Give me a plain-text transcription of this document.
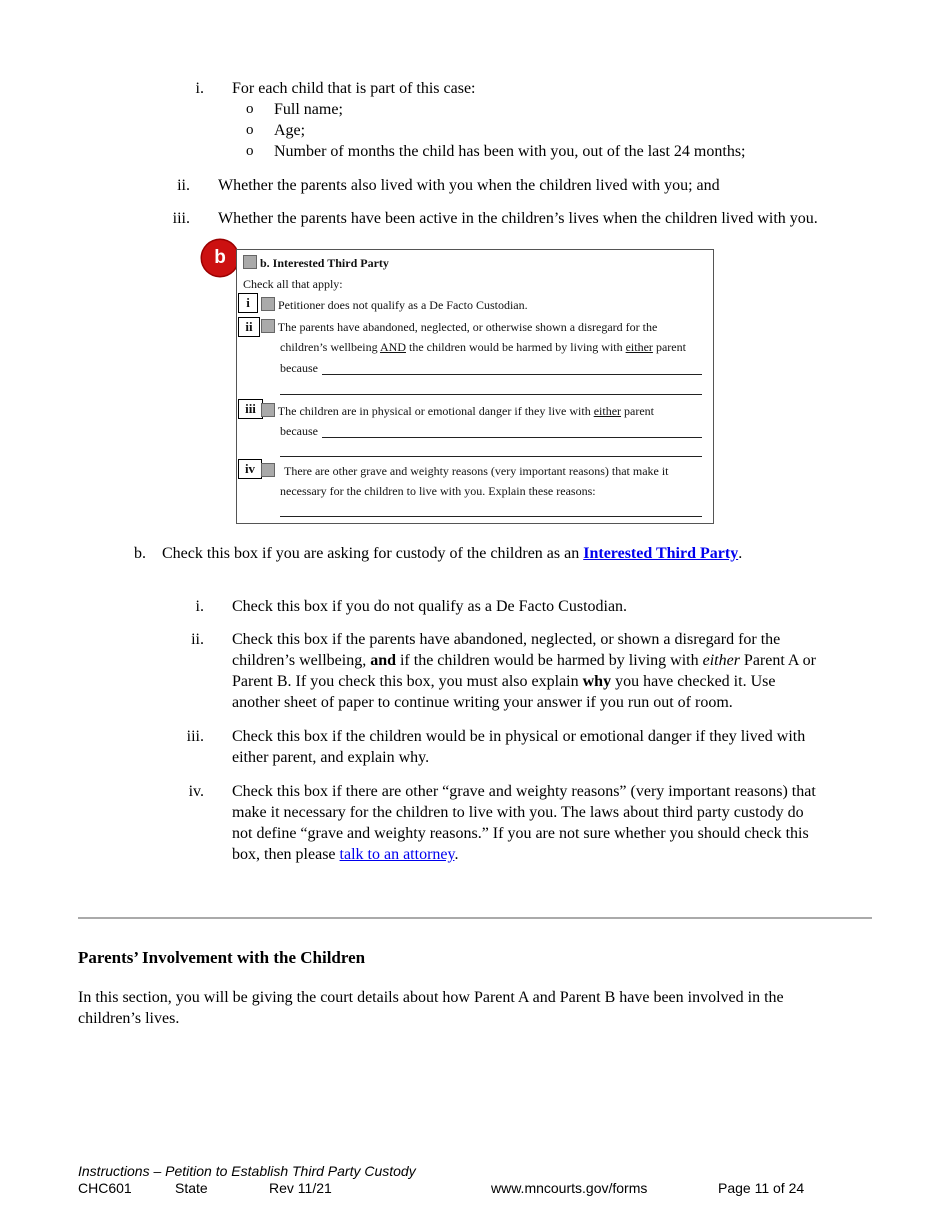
i. For each child that is part of this case:
o Full name;
o Age;
o Number of months the child has been with you, out of the last 24 months;
ii. Whether the parents also lived with you when the children lived with you; and
iii. Whether the parents have been active in the children’s lives when the children lived with you.
b	b. Interested Third Party
Check all that apply:
i	Petitioner does not qualify as a De Facto Custodian.
ii	The parents have abandoned, neglected, or otherwise shown a disregard for the
children’s wellbeing AND the children would be harmed by living with either parent
because
iii	The children are in physical or emotional danger if they live with either parent
because
iv	There are other grave and weighty reasons (very important reasons) that make it
necessary for the children to live with you. Explain these reasons:
b. Check this box if you are asking for custody of the children as an Interested Third Party.
i. Check this box if you do not qualify as a De Facto Custodian.
ii. Check this box if the parents have abandoned, neglected, or shown a disregard for the
children’s wellbeing, and if the children would be harmed by living with either Parent A or
Parent B. If you check this box, you must also explain why you have checked it. Use
another sheet of paper to continue writing your answer if you run out of room.
iii. Check this box if the children would be in physical or emotional danger if they lived with
either parent, and explain why.
iv. Check this box if there are other “grave and weighty reasons” (very important reasons) that
make it necessary for the children to live with you. The laws about third party custody do
not define “grave and weighty reasons.” If you are not sure whether you should check this
box, then please talk to an attorney.
Parents’ Involvement with the Children
In this section, you will be giving the court details about how Parent A and Parent B have been involved in the
children’s lives.
Instructions – Petition to Establish Third Party Custody
CHC601	State	Rev 11/21	www.mncourts.gov/forms	Page 11 of 24
